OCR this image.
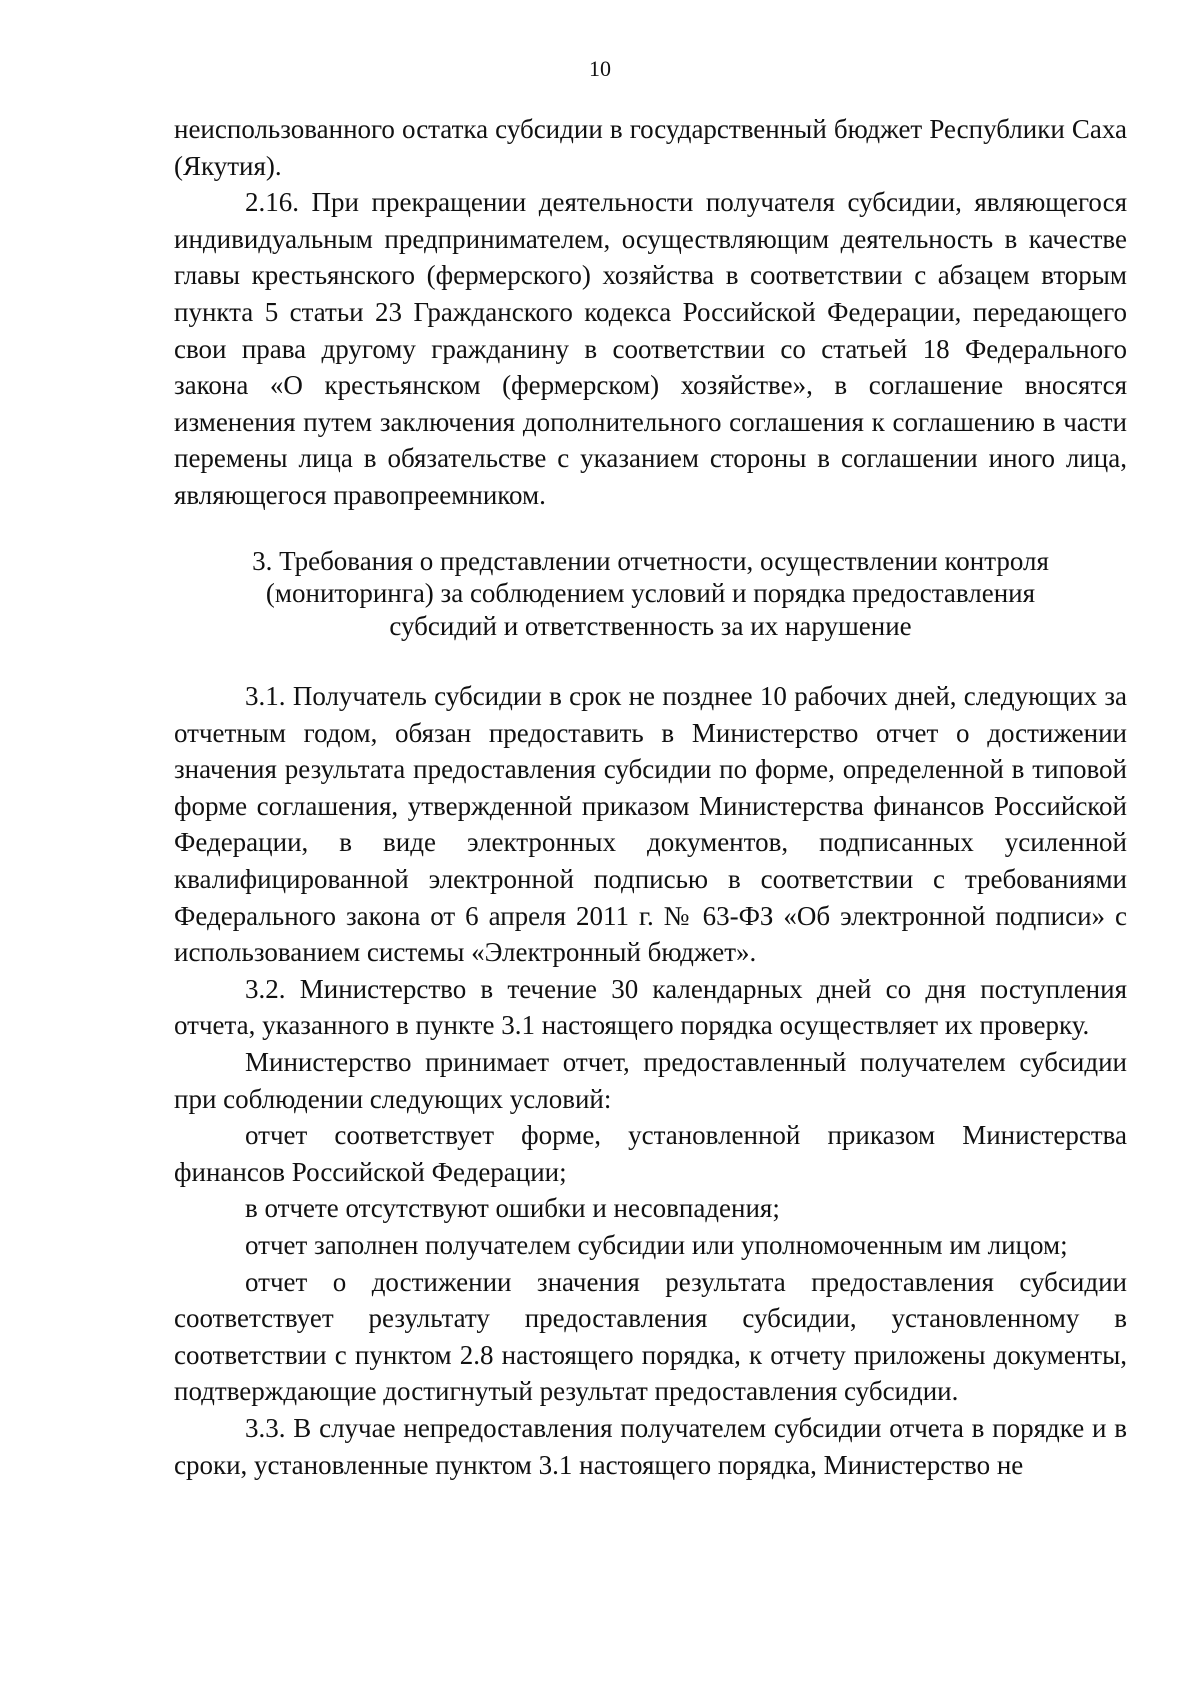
10

неиспользованного остатка субсидии в государственный бюджет Республики Саха (Якутия).

2.16. При прекращении деятельности получателя субсидии, являющегося индивидуальным предпринимателем, осуществляющим деятельность в качестве главы крестьянского (фермерского) хозяйства в соответствии с абзацем вторым пункта 5 статьи 23 Гражданского кодекса Российской Федерации, передающего свои права другому гражданину в соответствии со статьей 18 Федерального закона «О крестьянском (фермерском) хозяйстве», в соглашение вносятся изменения путем заключения дополнительного соглашения к соглашению в части перемены лица в обязательстве с указанием стороны в соглашении иного лица, являющегося правопреемником.

3. Требования о представлении отчетности, осуществлении контроля
(мониторинга) за соблюдением условий и порядка предоставления
субсидий и ответственность за их нарушение

3.1. Получатель субсидии в срок не позднее 10 рабочих дней, следующих за отчетным годом, обязан предоставить в Министерство отчет о достижении значения результата предоставления субсидии по форме, определенной в типовой форме соглашения, утвержденной приказом Министерства финансов Российской Федерации, в виде электронных документов, подписанных усиленной квалифицированной электронной подписью в соответствии с требованиями Федерального закона от 6 апреля 2011 г. № 63-ФЗ «Об электронной подписи» с использованием системы «Электронный бюджет».

3.2. Министерство в течение 30 календарных дней со дня поступления отчета, указанного в пункте 3.1 настоящего порядка осуществляет их проверку.

Министерство принимает отчет, предоставленный получателем субсидии при соблюдении следующих условий:

отчет соответствует форме, установленной приказом Министерства финансов Российской Федерации;

в отчете отсутствуют ошибки и несовпадения;

отчет заполнен получателем субсидии или уполномоченным им лицом;

отчет о достижении значения результата предоставления субсидии соответствует результату предоставления субсидии, установленному в соответствии с пунктом 2.8 настоящего порядка, к отчету приложены документы, подтверждающие достигнутый результат предоставления субсидии.

3.3. В случае непредоставления получателем субсидии отчета в порядке и в сроки, установленные пунктом 3.1 настоящего порядка, Министерство не
